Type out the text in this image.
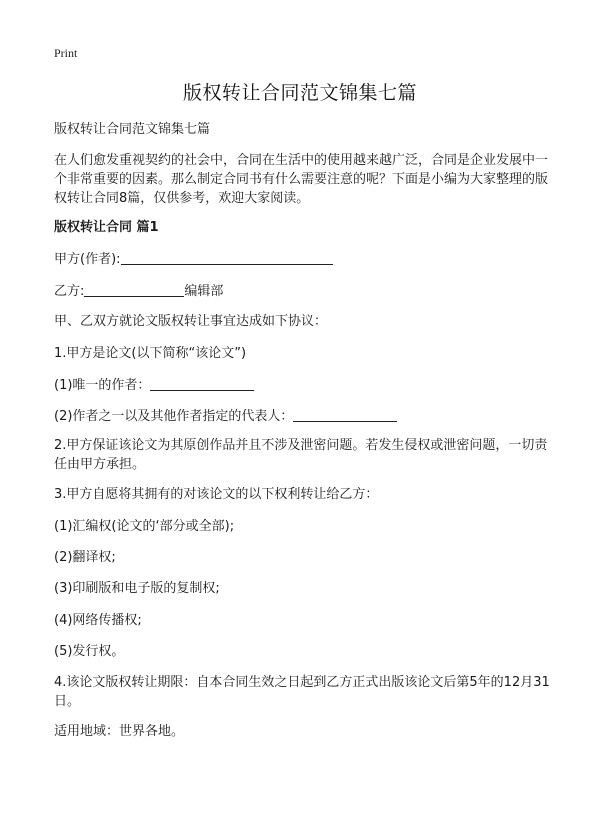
Print
版权转让合同范文锦集七篇
版权转让合同范文锦集七篇
在人们愈发重视契约的社会中，合同在生活中的使用越来越广泛，合同是企业发展中一个非常重要的因素。那么制定合同书有什么需要注意的呢？下面是小编为大家整理的版权转让合同8篇，仅供参考，欢迎大家阅读。
版权转让合同 篇1
甲方(作者):
乙方:	编辑部
甲、乙双方就论文版权转让事宜达成如下协议：
1.甲方是论文(以下简称“该论文”)
(1)唯一的作者：
(2)作者之一以及其他作者指定的代表人：
2.甲方保证该论文为其原创作品并且不涉及泄密问题。若发生侵权或泄密问题，一切责任由甲方承担。
3.甲方自愿将其拥有的对该论文的以下权利转让给乙方：
(1)汇编权(论文的‘部分或全部);
(2)翻译权;
(3)印刷版和电子版的复制权;
(4)网络传播权;
(5)发行权。
4.该论文版权转让期限：自本合同生效之日起到乙方正式出版该论文后第5年的12月31日。
适用地域：世界各地。
